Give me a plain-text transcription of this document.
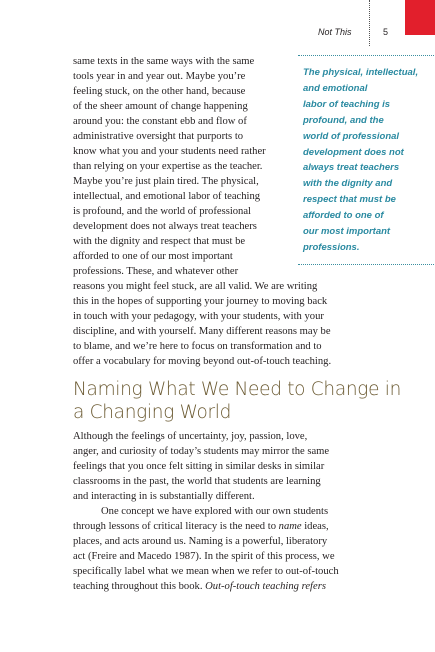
Not This	5
The physical, intellectual,
and emotional
labor of teaching is
profound, and the
world of professional
development does not
always treat teachers
with the dignity and
respect that must be
afforded to one of
our most important
professions.
same texts in the same ways with the same
tools year in and year out. Maybe you’re
feeling stuck, on the other hand, because
of the sheer amount of change happening
around you: the constant ebb and flow of
administrative oversight that purports to
know what you and your students need rather
than relying on your expertise as the teacher.
Maybe you’re just plain tired. The physical,
intellectual, and emotional labor of teaching
is profound, and the world of professional
development does not always treat teachers
with the dignity and respect that must be
afforded to one of our most important
professions. These, and whatever other
reasons you might feel stuck, are all valid. We are writing
this in the hopes of supporting your journey to moving back
in touch with your pedagogy, with your students, with your
discipline, and with yourself. Many different reasons may be
to blame, and we’re here to focus on transformation and to
offer a vocabulary for moving beyond out-of-touch teaching.
Naming What We Need to Change in
a Changing World
Although the feelings of uncertainty, joy, passion, love,
anger, and curiosity of today’s students may mirror the same
feelings that you once felt sitting in similar desks in similar
classrooms in the past, the world that students are learning
and interacting in is substantially different.
One concept we have explored with our own students
through lessons of critical literacy is the need to name ideas,
places, and acts around us. Naming is a powerful, liberatory
act (Freire and Macedo 1987). In the spirit of this process, we
specifically label what we mean when we refer to out-of-touch
teaching throughout this book. Out-of-touch teaching refers
